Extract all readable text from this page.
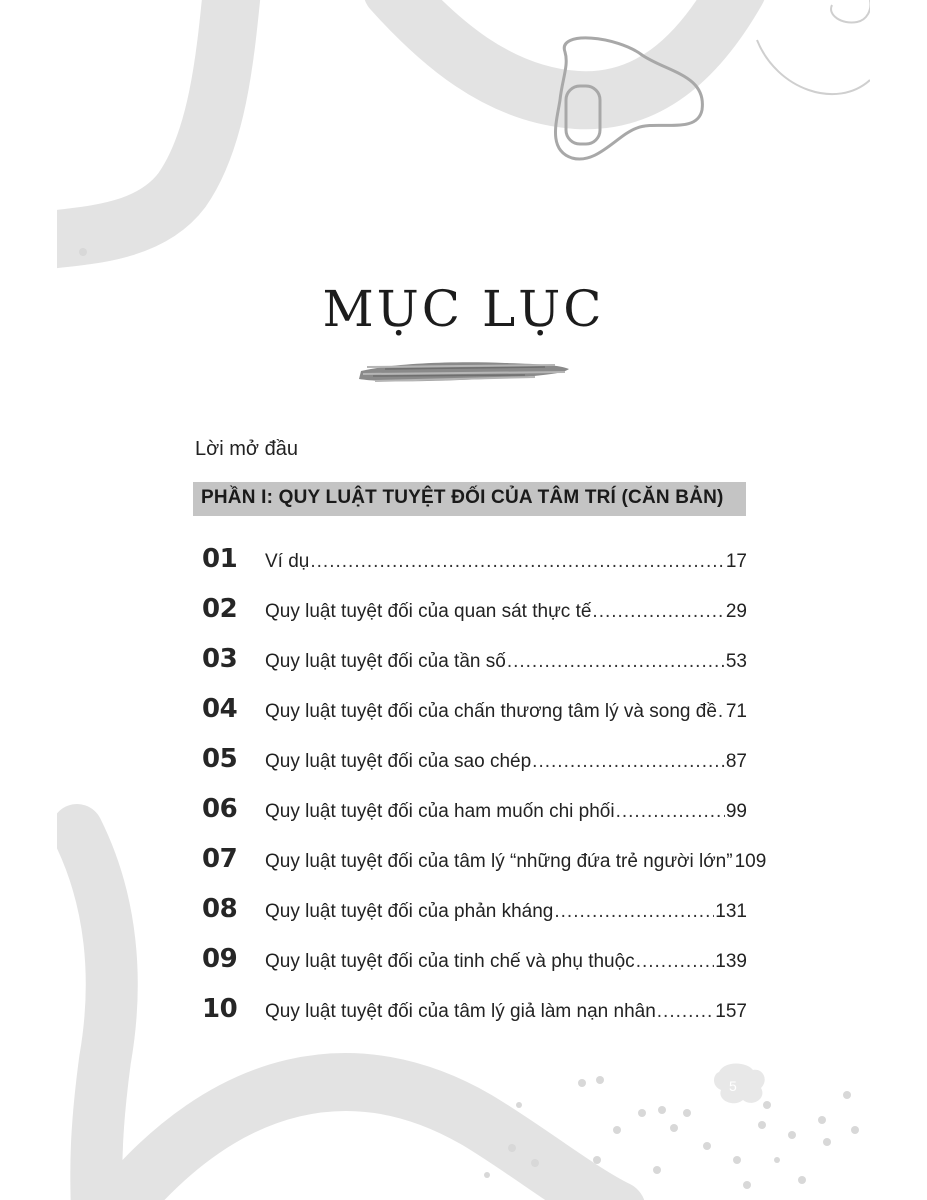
MỤC LỤC
Lời mở đầu
PHẦN I: QUY LUẬT TUYỆT ĐỐI CỦA TÂM TRÍ (CĂN BẢN)
01 Ví dụ .....	17
02 Quy luật tuyệt đối của quan sát thực tế .....	29
03 Quy luật tuyệt đối của tần số .....	53
04 Quy luật tuyệt đối của chấn thương tâm lý và song đề ..... 71
05 Quy luật tuyệt đối của sao chép .....	87
06 Quy luật tuyệt đối của ham muốn chi phối .....	99
07 Quy luật tuyệt đối của tâm lý “những đứa trẻ người lớn” 109
08 Quy luật tuyệt đối của phản kháng .....	131
09 Quy luật tuyệt đối của tinh chế và phụ thuộc .....	139
10 Quy luật tuyệt đối của tâm lý giả làm nạn nhân .....	157
5
